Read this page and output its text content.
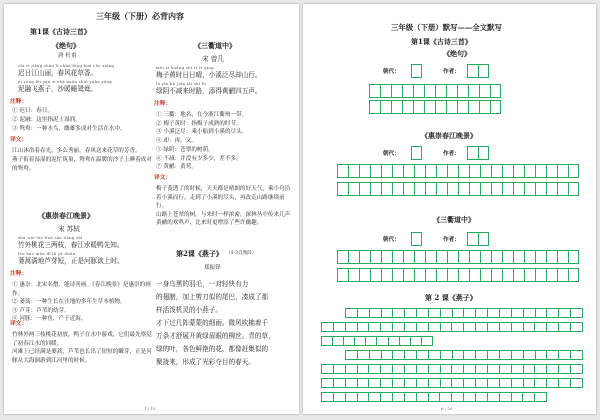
三年级（下册）必背内容
第1课《古诗三首》
《绝句》
唐 杜甫
chí rì jiāng shān lì chūn fēng huā cǎo xiāng
迟日江山丽，春风花草香。
ní róng fēi yàn zi shā nuǎn shuì yuān yāng
泥融飞燕子，沙暖睡鸳鸯。
注释：
① 迟日：春日。
② 泥融：这里指泥土湿润。
③ 鸳鸯：一种水鸟，雌雄多成对生活在水中。
译文：
江山沐浴着春光，多么秀丽，春风送来花草的芳香。
燕子衔着湿湿的泥忙筑巢，鸳鸯在温暖的沙子上睡着成对的鸳鸯。
《惠崇春江晚景》
宋 苏轼
zhú wài táo huā sān liǎng zhī
竹外桃花三两枝，春江水暖鸭先知。
lóu hāo mǎn dì lú yá duǎn
蒌蒿满地芦芽短，正是河豚欲上时。
注释：
① 惠崇：北宋名僧、能诗善画。《春江晚景》是惠崇的画作。
② 蒌蒿：一种生长在洼地的多年生草本植物。
③ 芦芽：芦苇的幼芽。
④ 河豚：一种鱼，产于近海。
译文：
竹林外两三枝桃花初放，鸭子在水中游戏，它们最先察觉了初春江水的回暖。
河滩上已经满是蒌蒿，芦苇也长出了短短的嫩芽，正是河豚从大海洄游到江河里的时候。
《三衢道中》
宋 曾几
méi zi huáng shí rì rì qíng
梅子黄时日日晴，小溪泛尽却山行。
lǜ yīn bù jiǎn lái shí lù
绿阴不减来时路，添得黄鹂四五声。
注释：
① 三衢：地名，在今浙江衢州一带。
② 梅子黄时：指梅子成熟的时节。
③ 小溪泛尽：乘小船到小溪的尽头。
④ 却：再，又。
⑤ 绿阴：苍翠的树荫。
⑥ 不减：并没有少多少，差不多。
⑦ 黄鹂：黄莺。
译文：
梅子黄透了的时候，天天都是晴朗的好天气，乘小舟沿着小溪而行，走到了小溪的尽头，再改走山路继续前行。
山路上苍翠的树，与来时一样浓密，深林丛中传来几声黄鹂的欢鸣声，比来时更增添了些许幽趣。
第2课《燕子》 （1-3自然段）
郑振铎
一身乌黑的羽毛，一对轻快有力
的翅膀，加上剪刀似的尾巴，凑成了那
样活泼机灵的小燕子。
才下过几阵蒙蒙的细雨。微风吹拂着千
万条才舒展开黄绿眉眼的柳丝。青的草，
绿的叶，各色鲜艳的花，都像赶集似的
聚拢来，形成了光彩夺目的春天。
1 / 10
三年级（下册）默写——全文默写
第1课《古诗三首》
《绝句》
朝代：	作者：
《惠崇春江晚景》
朝代：	作者：
《三衢道中》
朝代：	作者：
第 2 课《燕子》
6 / 20
